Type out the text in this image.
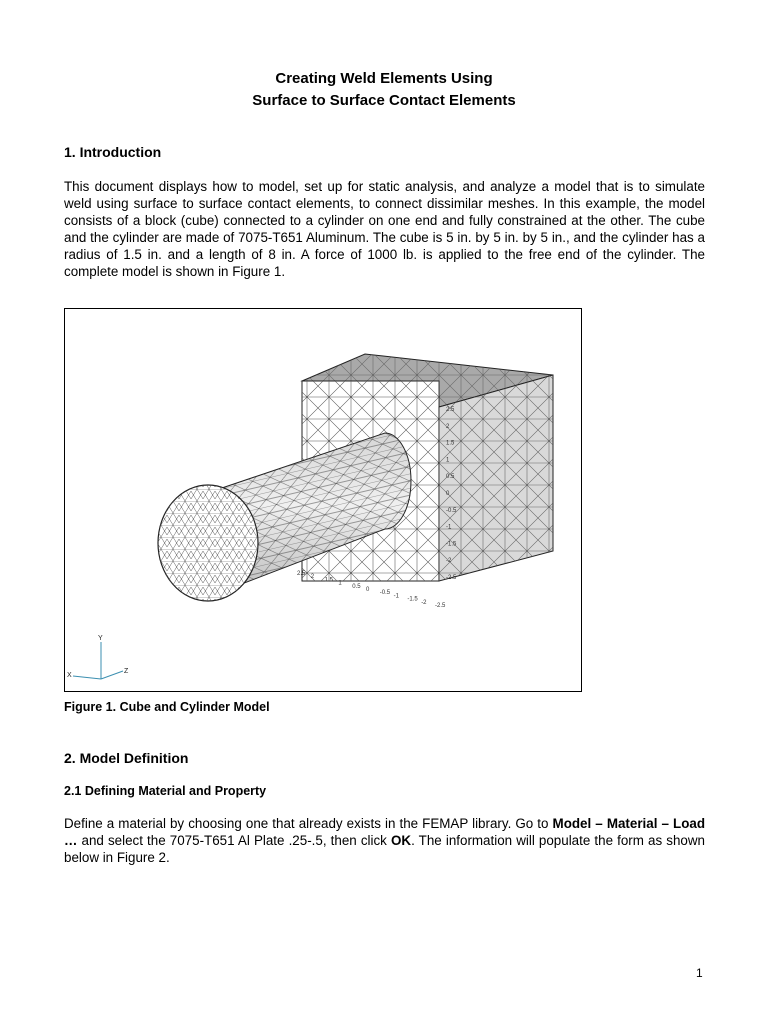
Creating Weld Elements Using
Surface to Surface Contact Elements
1. Introduction
This document displays how to model, set up for static analysis, and analyze a model that is to simulate weld using surface to surface contact elements, to connect dissimilar meshes. In this example, the model consists of a block (cube) connected to a cylinder on one end and fully constrained at the other. The cube and the cylinder are made of 7075-T651 Aluminum. The cube is 5 in. by 5 in. by 5 in., and the cylinder has a radius of 1.5 in. and a length of 8 in. A force of 1000 lb. is applied to the free end of the cylinder. The complete model is shown in Figure 1.
2.5
2
1.5
1
0.5
0
-0.5
-1
-1.5
-2
-2.5
2.5
2
1.5
1
0.5
0
-0.5
-1
-1.5
-2
-2.5
Y
X
Z
Figure 1. Cube and Cylinder Model
2. Model Definition
2.1 Defining Material and Property
Define a material by choosing one that already exists in the FEMAP library. Go to Model – Material – Load … and select the 7075-T651 Al Plate .25-.5, then click OK. The information will populate the form as shown below in Figure 2.
1
